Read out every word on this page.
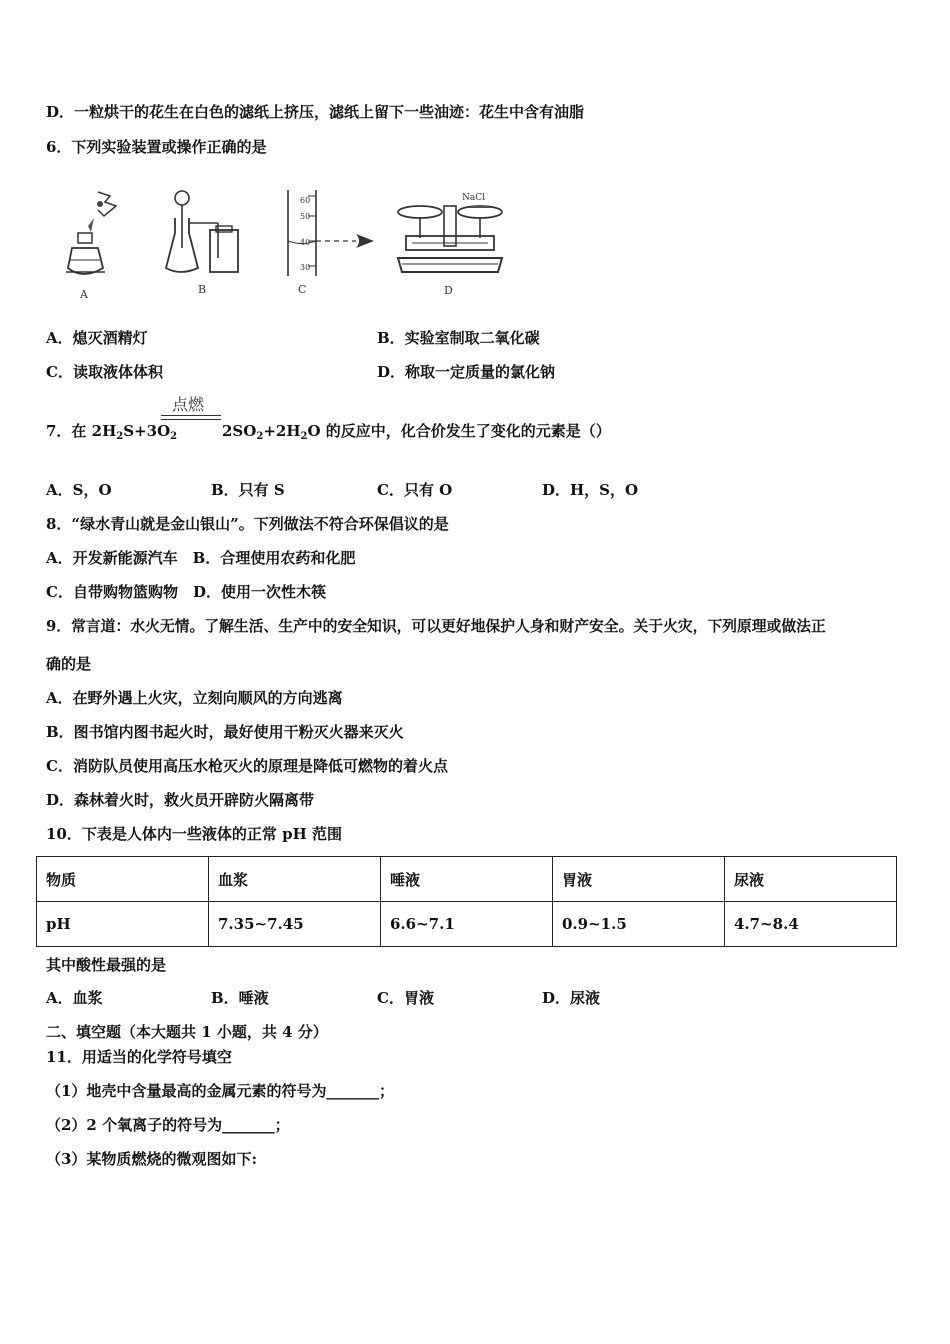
D．一粒烘干的花生在白色的滤纸上挤压，滤纸上留下一些油迹：花生中含有油脂
6．下列实验装置或操作正确的是
A	B
60
50
40
30
C
NaCl
D
A．熄灭酒精灯	B．实验室制取二氧化碳
C．读取液体体积	D．称取一定质量的氯化钠
点燃
7．在 $2H_2S+3O_2$	$2SO_2+2H_2O$ 的反应中，化合价发生了变化的元素是（）
A．S，O	B．只有 S	C．只有 O	D．H，S，O
8．“绿水青山就是金山银山”。下列做法不符合环保倡议的是
A．开发新能源汽车　B．合理使用农药和化肥
C．自带购物篮购物　D．使用一次性木筷
9．常言道：水火无情。了解生活、生产中的安全知识，可以更好地保护人身和财产安全。关于火灾，下列原理或做法正
确的是
A．在野外遇上火灾，立刻向顺风的方向逃离
B．图书馆内图书起火时，最好使用干粉灭火器来灭火
C．消防队员使用高压水枪灭火的原理是降低可燃物的着火点
D．森林着火时，救火员开辟防火隔离带
10．下表是人体内一些液体的正常 pH 范围
物质	血浆	唾液	胃液	尿液
pH	7.35~7.45	6.6~7.1	0.9~1.5	4.7~8.4
其中酸性最强的是
A．血浆	B．唾液	C．胃液	D．尿液
二、填空题（本大题共 1 小题，共 4 分）
11．用适当的化学符号填空
（1）地壳中含量最高的金属元素的符号为_______；
（2）2 个氧离子的符号为_______；
（3）某物质燃烧的微观图如下:
